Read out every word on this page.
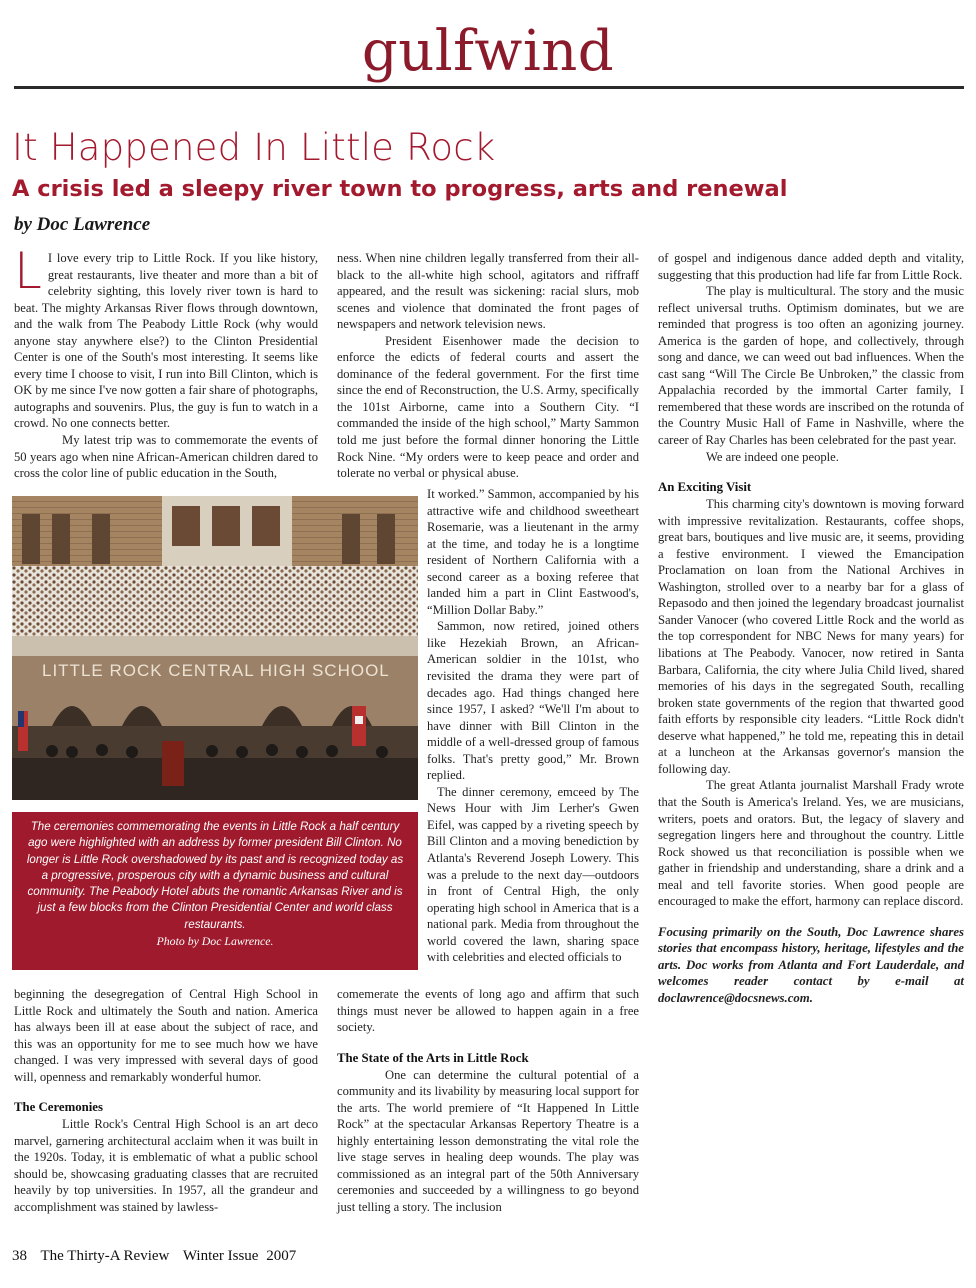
gulfwind
It Happened In Little Rock
A crisis led a sleepy river town to progress, arts and renewal
by Doc Lawrence
L I love every trip to Little Rock. If you like history, great restaurants, live theater and more than a bit of celebrity sighting, this lovely river town is hard to beat. The mighty Arkansas River flows through downtown, and the walk from The Peabody Little Rock (why would anyone stay anywhere else?) to the Clinton Presidential Center is one of the South's most interesting. It seems like every time I choose to visit, I run into Bill Clinton, which is OK by me since I've now gotten a fair share of photographs, autographs and souvenirs. Plus, the guy is fun to watch in a crowd. No one connects better.

My latest trip was to commemorate the events of 50 years ago when nine African-American children dared to cross the color line of public education in the South,

LITTLE ROCK CENTRAL HIGH SCHOOL
The ceremonies commemorating the events in Little Rock a half century ago were highlighted with an address by former president Bill Clinton. No longer is Little Rock overshadowed by its past and is recognized today as a progressive, prosperous city with a dynamic business and cultural community. The Peabody Hotel abuts the romantic Arkansas River and is just a few blocks from the Clinton Presidential Center and world class restaurants.
Photo by Doc Lawrence.

beginning the desegregation of Central High School in Little Rock and ultimately the South and nation. America has always been ill at ease about the subject of race, and this was an opportunity for me to see much how we have changed. I was very impressed with several days of good will, openness and remarkably wonderful humor.

The Ceremonies

Little Rock's Central High School is an art deco marvel, garnering architectural acclaim when it was built in the 1920s. Today, it is emblematic of what a public school should be, showcasing graduating classes that are recruited heavily by top universities. In 1957, all the grandeur and accomplishment was stained by lawless-

ness. When nine children legally transferred from their all-black to the all-white high school, agitators and riffraff appeared, and the result was sickening: racial slurs, mob scenes and violence that dominated the front pages of newspapers and network television news.

President Eisenhower made the decision to enforce the edicts of federal courts and assert the dominance of the federal government. For the first time since the end of Reconstruction, the U.S. Army, specifically the 101st Airborne, came into a Southern City. “I commanded the inside of the high school,” Marty Sammon told me just before the formal dinner honoring the Little Rock Nine. “My orders were to keep peace and order and tolerate no verbal or physical abuse.

It worked.” Sammon, accompanied by his attractive wife and childhood sweetheart Rosemarie, was a lieutenant in the army at the time, and today he is a longtime resident of Northern California with a second career as a boxing referee that landed him a part in Clint Eastwood's, “Million Dollar Baby.”

Sammon, now retired, joined others like Hezekiah Brown, an African-American soldier in the 101st, who revisited the drama they were part of decades ago. Had things changed here since 1957, I asked? “We'll I'm about to have dinner with Bill Clinton in the middle of a well-dressed group of famous folks. That's pretty good,” Mr. Brown replied.

The dinner ceremony, emceed by The News Hour with Jim Lerher's Gwen Eifel, was capped by a riveting speech by Bill Clinton and a moving benediction by Atlanta's Reverend Joseph Lowery. This was a prelude to the next day—outdoors in front of Central High, the only operating high school in America that is a national park. Media from throughout the world covered the lawn, sharing space with celebrities and elected officials to

comemerate the events of long ago and affirm that such things must never be allowed to happen again in a free society.

The State of the Arts in Little Rock

One can determine the cultural potential of a community and its livability by measuring local support for the arts. The world premiere of “It Happened In Little Rock” at the spectacular Arkansas Repertory Theatre is a highly entertaining lesson demonstrating the vital role the live stage serves in healing deep wounds. The play was commissioned as an integral part of the 50th Anniversary ceremonies and succeeded by a willingness to go beyond just telling a story. The inclusion

of gospel and indigenous dance added depth and vitality, suggesting that this production had life far from Little Rock.

The play is multicultural. The story and the music reflect universal truths. Optimism dominates, but we are reminded that progress is too often an agonizing journey. America is the garden of hope, and collectively, through song and dance, we can weed out bad influences. When the cast sang “Will The Circle Be Unbroken,” the classic from Appalachia recorded by the immortal Carter family, I remembered that these words are inscribed on the rotunda of the Country Music Hall of Fame in Nashville, where the career of Ray Charles has been celebrated for the past year.

We are indeed one people.

An Exciting Visit

This charming city's downtown is moving forward with impressive revitalization. Restaurants, coffee shops, great bars, boutiques and live music are, it seems, providing a festive environment. I viewed the Emancipation Proclamation on loan from the National Archives in Washington, strolled over to a nearby bar for a glass of Repasodo and then joined the legendary broadcast journalist Sander Vanocer (who covered Little Rock and the world as the top correspondent for NBC News for many years) for libations at The Peabody. Vanocer, now retired in Santa Barbara, California, the city where Julia Child lived, shared memories of his days in the segregated South, recalling broken state governments of the region that thwarted good faith efforts by responsible city leaders. “Little Rock didn't deserve what happened,” he told me, repeating this in detail at a luncheon at the Arkansas governor's mansion the following day.

The great Atlanta journalist Marshall Frady wrote that the South is America's Ireland. Yes, we are musicians, writers, poets and orators. But, the legacy of slavery and segregation lingers here and throughout the country. Little Rock showed us that reconciliation is possible when we gather in friendship and understanding, share a drink and a meal and tell favorite stories. When good people are encouraged to make the effort, harmony can replace discord.

Focusing primarily on the South, Doc Lawrence shares stories that encompass history, heritage, lifestyles and the arts. Doc works from Atlanta and Fort Lauderdale, and welcomes reader contact by e-mail at doclawrence@docsnews.com.

38 The Thirty-A Review Winter Issue 2007
